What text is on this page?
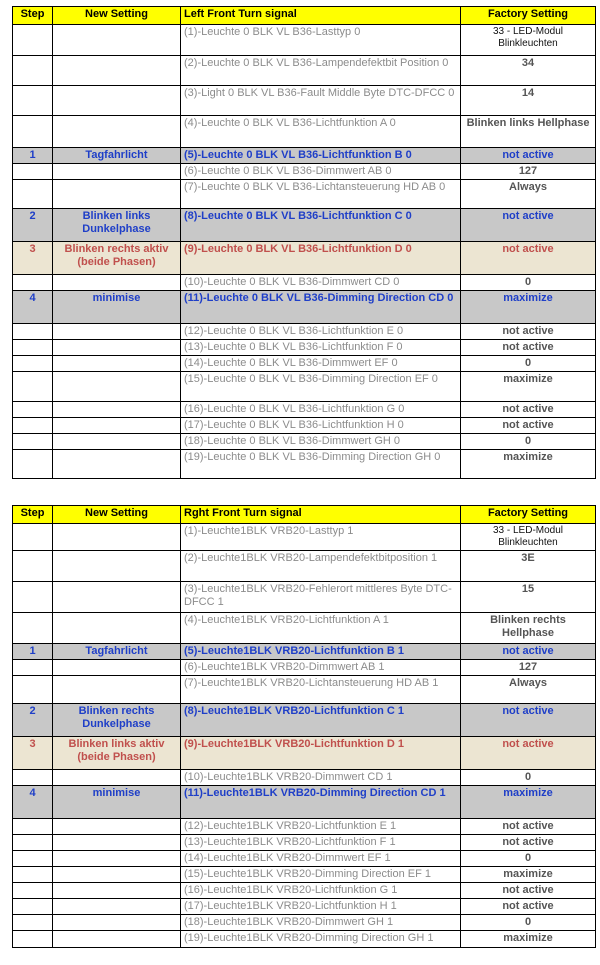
Step	New Setting	Left Front Turn signal	Factory Setting
		(1)-Leuchte 0 BLK VL B36-Lasttyp 0	33 - LED-Modul Blinkleuchten
		(2)-Leuchte 0 BLK VL B36-Lampendefektbit Position 0	34
		(3)-Light 0 BLK VL B36-Fault Middle Byte DTC-DFCC 0	14
		(4)-Leuchte 0 BLK VL B36-Lichtfunktion A 0	Blinken links Hellphase
1	Tagfahrlicht	(5)-Leuchte 0 BLK VL B36-Lichtfunktion B 0	not active
		(6)-Leuchte 0 BLK VL B36-Dimmwert AB 0	127
		(7)-Leuchte 0 BLK VL B36-Lichtansteuerung HD AB 0	Always
2	Blinken links Dunkelphase	(8)-Leuchte 0 BLK VL B36-Lichtfunktion C 0	not active
3	Blinken rechts aktiv (beide Phasen)	(9)-Leuchte 0 BLK VL B36-Lichtfunktion D 0	not active
		(10)-Leuchte 0 BLK VL B36-Dimmwert CD 0	0
4	minimise	(11)-Leuchte 0 BLK VL B36-Dimming Direction CD 0	maximize
		(12)-Leuchte 0 BLK VL B36-Lichtfunktion E 0	not active
		(13)-Leuchte 0 BLK VL B36-Lichtfunktion F 0	not active
		(14)-Leuchte 0 BLK VL B36-Dimmwert EF 0	0
		(15)-Leuchte 0 BLK VL B36-Dimming Direction EF 0	maximize
		(16)-Leuchte 0 BLK VL B36-Lichtfunktion G 0	not active
		(17)-Leuchte 0 BLK VL B36-Lichtfunktion H 0	not active
		(18)-Leuchte 0 BLK VL B36-Dimmwert GH 0	0
		(19)-Leuchte 0 BLK VL B36-Dimming Direction GH 0	maximize
Step	New Setting	Rght Front Turn signal	Factory Setting
		(1)-Leuchte1BLK VRB20-Lasttyp 1	33 - LED-Modul Blinkleuchten
		(2)-Leuchte1BLK VRB20-Lampendefektbitposition 1	3E
		(3)-Leuchte1BLK VRB20-Fehlerort mittleres Byte DTC-DFCC 1	15
		(4)-Leuchte1BLK VRB20-Lichtfunktion A 1	Blinken rechts Hellphase
1	Tagfahrlicht	(5)-Leuchte1BLK VRB20-Lichtfunktion B 1	not active
		(6)-Leuchte1BLK VRB20-Dimmwert AB 1	127
		(7)-Leuchte1BLK VRB20-Lichtansteuerung HD AB 1	Always
2	Blinken rechts Dunkelphase	(8)-Leuchte1BLK VRB20-Lichtfunktion C 1	not active
3	Blinken links aktiv (beide Phasen)	(9)-Leuchte1BLK VRB20-Lichtfunktion D 1	not active
		(10)-Leuchte1BLK VRB20-Dimmwert CD 1	0
4	minimise	(11)-Leuchte1BLK VRB20-Dimming Direction CD 1	maximize
		(12)-Leuchte1BLK VRB20-Lichtfunktion E 1	not active
		(13)-Leuchte1BLK VRB20-Lichtfunktion F 1	not active
		(14)-Leuchte1BLK VRB20-Dimmwert EF 1	0
		(15)-Leuchte1BLK VRB20-Dimming Direction EF 1	maximize
		(16)-Leuchte1BLK VRB20-Lichtfunktion G 1	not active
		(17)-Leuchte1BLK VRB20-Lichtfunktion H 1	not active
		(18)-Leuchte1BLK VRB20-Dimmwert GH 1	0
		(19)-Leuchte1BLK VRB20-Dimming Direction GH 1	maximize
